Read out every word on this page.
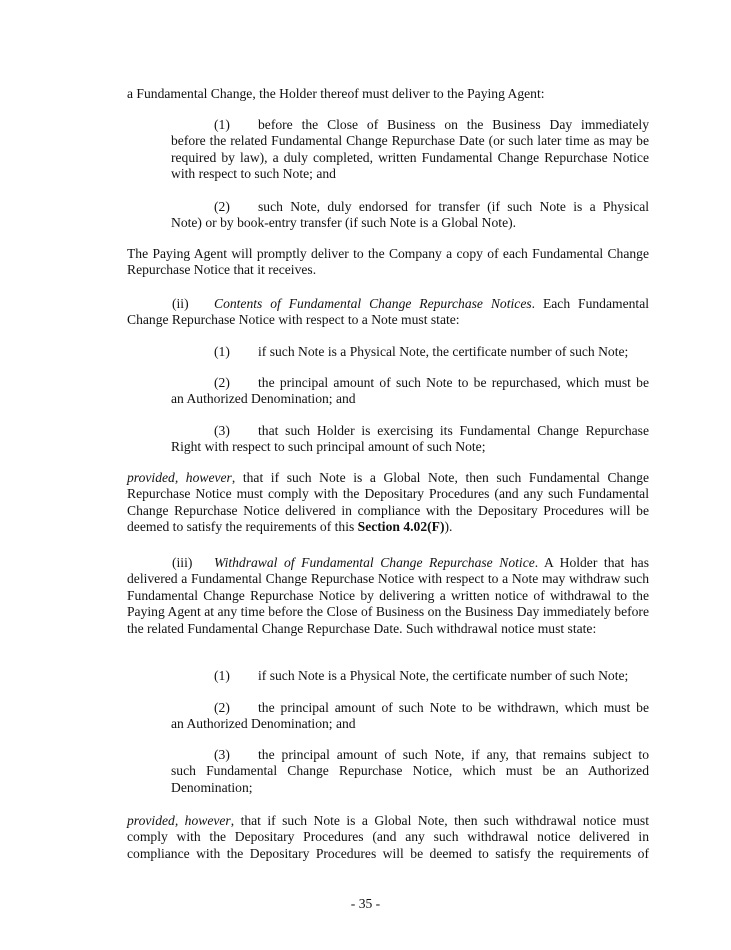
a Fundamental Change, the Holder thereof must deliver to the Paying Agent:

(1) before the Close of Business on the Business Day immediately

before the related Fundamental Change Repurchase Date (or such later time as may be required by law), a duly completed, written Fundamental Change Repurchase Notice with respect to such Note; and

(2) such Note, duly endorsed for transfer (if such Note is a Physical

Note) or by book-entry transfer (if such Note is a Global Note).

The Paying Agent will promptly deliver to the Company a copy of each Fundamental Change Repurchase Notice that it receives.

(ii) Contents of Fundamental Change Repurchase Notices. Each Fundamental

Change Repurchase Notice with respect to a Note must state:

(1) if such Note is a Physical Note, the certificate number of such Note;

(2) the principal amount of such Note to be repurchased, which must be

an Authorized Denomination; and

(3) that such Holder is exercising its Fundamental Change Repurchase

Right with respect to such principal amount of such Note;

provided, however, that if such Note is a Global Note, then such Fundamental Change Repurchase Notice must comply with the Depositary Procedures (and any such Fundamental Change Repurchase Notice delivered in compliance with the Depositary Procedures will be deemed to satisfy the requirements of this Section 4.02(F)).

(iii) Withdrawal of Fundamental Change Repurchase Notice. A Holder that has

delivered a Fundamental Change Repurchase Notice with respect to a Note may withdraw such Fundamental Change Repurchase Notice by delivering a written notice of withdrawal to the Paying Agent at any time before the Close of Business on the Business Day immediately before the related Fundamental Change Repurchase Date. Such withdrawal notice must state:

(1) if such Note is a Physical Note, the certificate number of such Note;

(2) the principal amount of such Note to be withdrawn, which must be

an Authorized Denomination; and

(3) the principal amount of such Note, if any, that remains subject to

such Fundamental Change Repurchase Notice, which must be an Authorized Denomination;

provided, however, that if such Note is a Global Note, then such withdrawal notice must comply with the Depositary Procedures (and any such withdrawal notice delivered in compliance with the Depositary Procedures will be deemed to satisfy the requirements of

- 35 -
